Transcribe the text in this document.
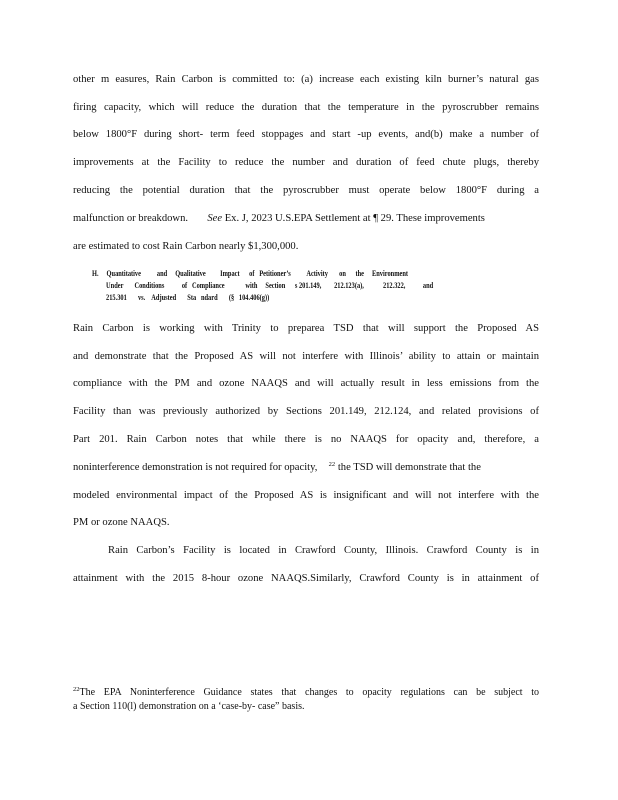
other m easures, Rain Carbon is committed to: (a) increase each existing kiln burner’s natural gas
firing capacity, which will reduce the duration that the temperature in the pyroscrubber remains
below 1800°F during short- term feed stoppages and start -up events, and(b) make a number of
improvements at the Facility to reduce the number and duration of feed chute plugs, thereby
reducing the potential duration that the pyroscrubber must operate below 1800°F during a
malfunction or breakdown. See Ex. J, 2023 U.S.EPA Settlement at ¶ 29. These improvements
are estimated to cost Rain Carbon nearly $1,300,000.
H.     Quantitative          and     Qualitative         Impact      of   Petitioner’s          Activity       on      the     Environment
Under       Conditions           of   Compliance             with     Section      s 201.149,        212.123(a),            212.322,           and
215.301       vs.    Adjusted       Sta   ndard       (§   104.406(g))
Rain Carbon is working with Trinity to preparea TSD that will support the Proposed AS
and demonstrate that the Proposed AS will not interfere with Illinois’ ability to attain or maintain
compliance with the PM and ozone NAAQS and will actually result in less emissions from the
Facility than was previously authorized by Sections 201.149, 212.124, and related provisions of
Part 201. Rain Carbon notes that while there is no NAAQS for opacity and, therefore, a
noninterference demonstration is not required for opacity, $^{22}$ the TSD will demonstrate that the
modeled environmental impact of the Proposed AS is insignificant and will not interfere with the
PM or ozone NAAQS.
Rain Carbon’s Facility is located in Crawford County, Illinois. Crawford County is in
attainment with the 2015 8-hour ozone NAAQS.Similarly, Crawford County is in attainment of
$^{22}$The EPA Noninterference Guidance states that changes to opacity regulations can be subject to
a Section 110(l) demonstration on a ‘case-by- case” basis.
